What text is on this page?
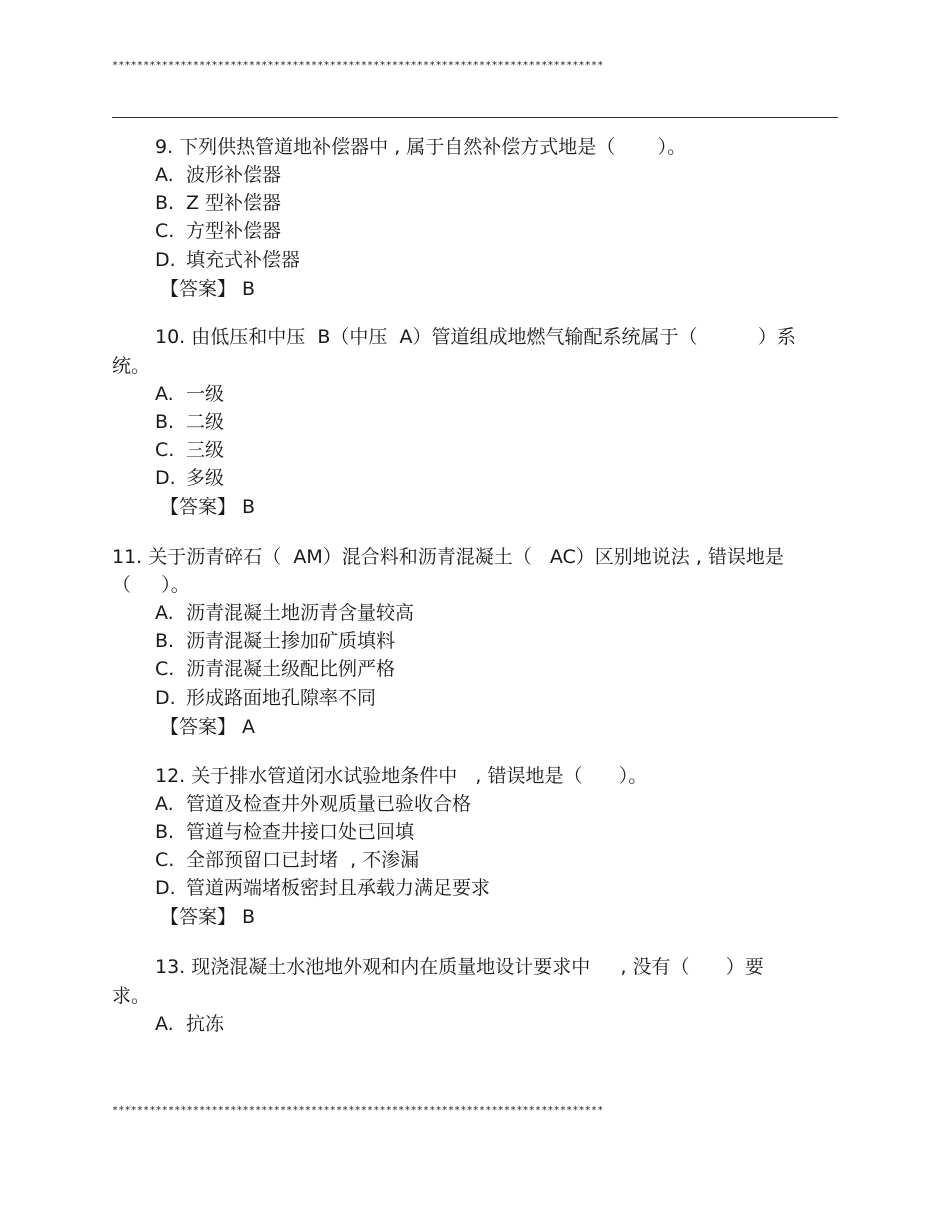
*******************************************************************************
9. 下列供热管道地补偿器中 , 属于自然补偿方式地是（       ）。
A. 波形补偿器
B. Z 型补偿器
C. 方型补偿器
D. 填充式补偿器
【答案】 B
10. 由低压和中压  B（中压  A）管道组成地燃气输配系统属于（          ）系
统。
A. 一级
B. 二级
C. 三级
D. 多级
【答案】 B
11. 关于沥青碎石（  AM）混合料和沥青混凝土（   AC）区别地说法 , 错误地是
（     ）。
A. 沥青混凝土地沥青含量较高
B. 沥青混凝土掺加矿质填料
C. 沥青混凝土级配比例严格
D. 形成路面地孔隙率不同
【答案】 A
12. 关于排水管道闭水试验地条件中   , 错误地是（      ）。
A. 管道及检查井外观质量已验收合格
B. 管道与检查井接口处已回填
C. 全部预留口已封堵  , 不渗漏
D. 管道两端堵板密封且承载力满足要求
【答案】 B
13. 现浇混凝土水池地外观和内在质量地设计要求中     , 没有（      ）要
求。
A. 抗冻
*******************************************************************************
